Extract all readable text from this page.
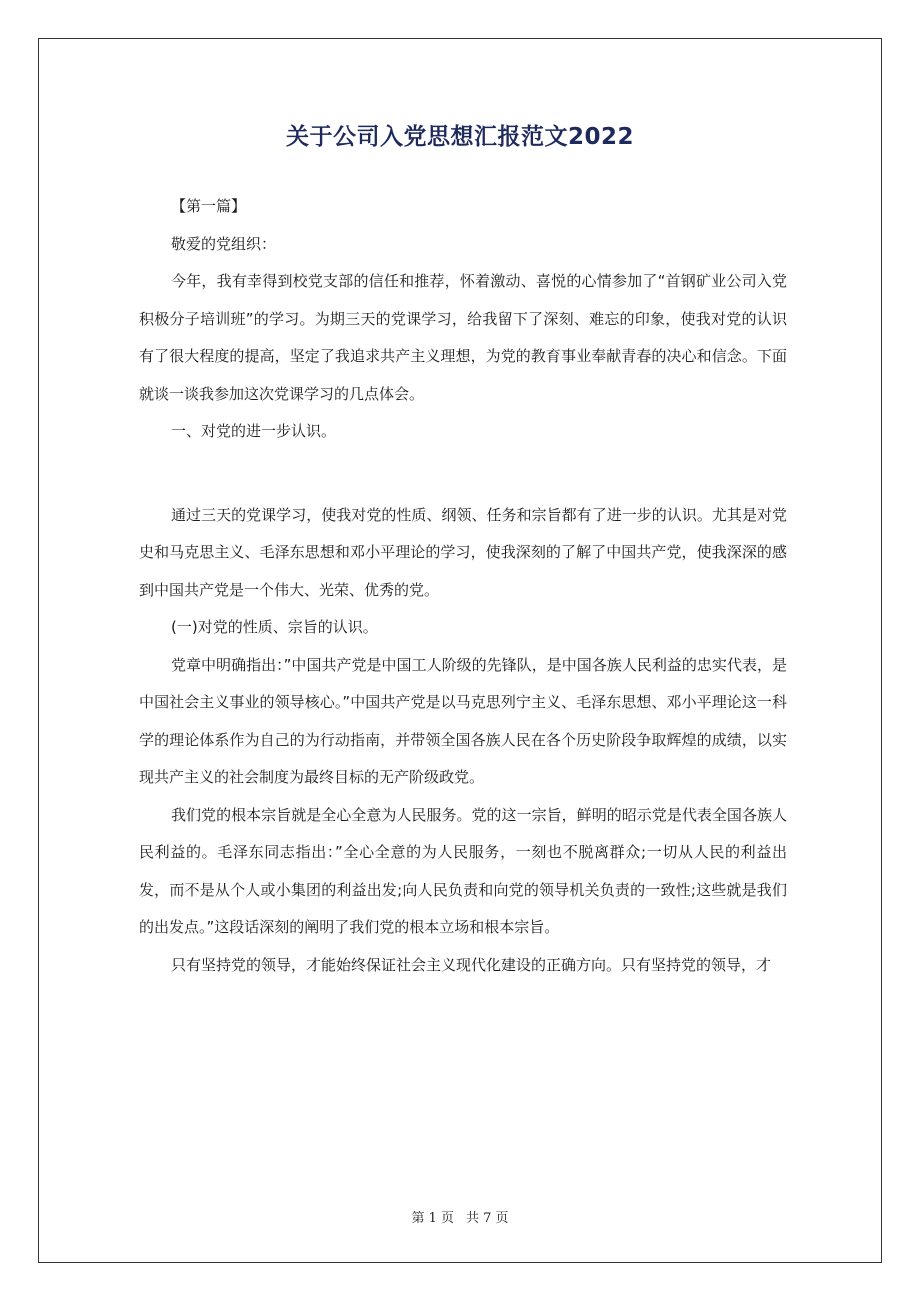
关于公司入党思想汇报范文2022

【第一篇】

敬爱的党组织：

今年，我有幸得到校党支部的信任和推荐，怀着激动、喜悦的心情参加了“首钢矿业公司入党积极分子培训班”的学习。为期三天的党课学习，给我留下了深刻、难忘的印象，使我对党的认识有了很大程度的提高，坚定了我追求共产主义理想，为党的教育事业奉献青春的决心和信念。下面就谈一谈我参加这次党课学习的几点体会。

一、对党的进一步认识。

通过三天的党课学习，使我对党的性质、纲领、任务和宗旨都有了进一步的认识。尤其是对党史和马克思主义、毛泽东思想和邓小平理论的学习，使我深刻的了解了中国共产党，使我深深的感到中国共产党是一个伟大、光荣、优秀的党。

(一)对党的性质、宗旨的认识。

党章中明确指出：”中国共产党是中国工人阶级的先锋队，是中国各族人民利益的忠实代表，是中国社会主义事业的领导核心。”中国共产党是以马克思列宁主义、毛泽东思想、邓小平理论这一科学的理论体系作为自己的为行动指南，并带领全国各族人民在各个历史阶段争取辉煌的成绩，以实现共产主义的社会制度为最终目标的无产阶级政党。

我们党的根本宗旨就是全心全意为人民服务。党的这一宗旨，鲜明的昭示党是代表全国各族人民利益的。毛泽东同志指出：”全心全意的为人民服务，一刻也不脱离群众;一切从人民的利益出发，而不是从个人或小集团的利益出发;向人民负责和向党的领导机关负责的一致性;这些就是我们的出发点。”这段话深刻的阐明了我们党的根本立场和根本宗旨。

只有坚持党的领导，才能始终保证社会主义现代化建设的正确方向。只有坚持党的领导，才

第 1 页 共 7 页
